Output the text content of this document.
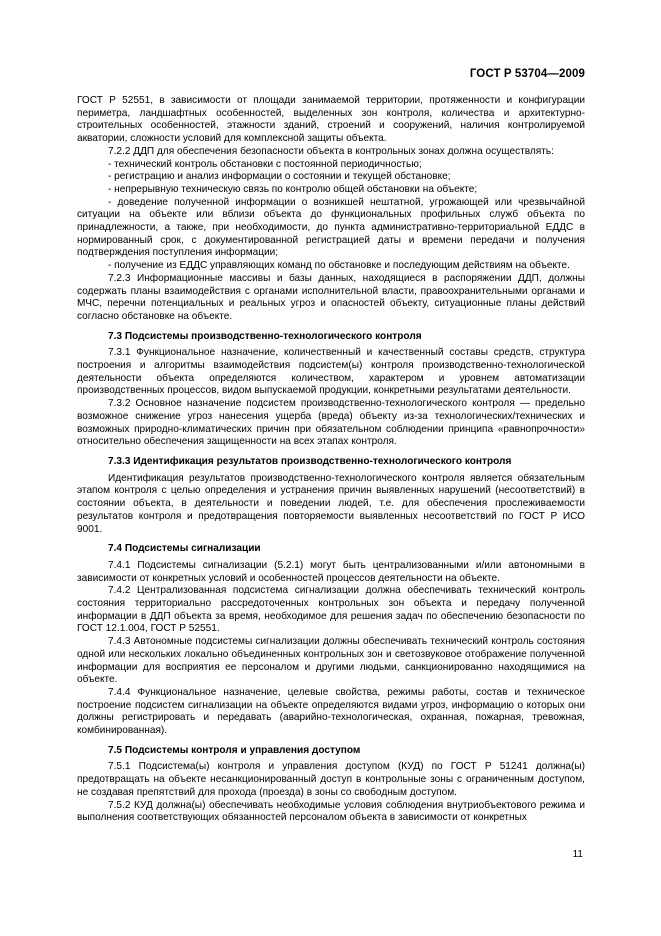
ГОСТ Р 53704—2009

ГОСТ Р 52551, в зависимости от площади занимаемой территории, протяженности и конфигурации периметра, ландшафтных особенностей, выделенных зон контроля, количества и архитектурно-строительных особенностей, этажности зданий, строений и сооружений, наличия контролируемой акватории, сложности условий для комплексной защиты объекта.

7.2.2 ДДП для обеспечения безопасности объекта в контрольных зонах должна осуществлять:

- технический контроль обстановки с постоянной периодичностью;

- регистрацию и анализ информации о состоянии и текущей обстановке;

- непрерывную техническую связь по контролю общей обстановки на объекте;

- доведение полученной информации о возникшей нештатной, угрожающей или чрезвычайной ситуации на объекте или вблизи объекта до функциональных профильных служб объекта по принадлежности, а также, при необходимости, до пункта административно-территориальной ЕДДС в нормированный срок, с документированной регистрацией даты и времени передачи и получения подтверждения поступления информации;

- получение из ЕДДС управляющих команд по обстановке и последующим действиям на объекте.

7.2.3 Информационные массивы и базы данных, находящиеся в распоряжении ДДП, должны содержать планы взаимодействия с органами исполнительной власти, правоохранительными органами и МЧС, перечни потенциальных и реальных угроз и опасностей объекту, ситуационные планы действий согласно обстановке на объекте.

7.3 Подсистемы производственно-технологического контроля

7.3.1 Функциональное назначение, количественный и качественный составы средств, структура построения и алгоритмы взаимодействия подсистем(ы) контроля производственно-технологической деятельности объекта определяются количеством, характером и уровнем автоматизации производственных процессов, видом выпускаемой продукции, конкретными результатами деятельности.

7.3.2 Основное назначение подсистем производственно-технологического контроля — предельно возможное снижение угроз нанесения ущерба (вреда) объекту из-за технологических/технических и возможных природно-климатических причин при обязательном соблюдении принципа «равнопрочности» относительно обеспечения защищенности на всех этапах контроля.

7.3.3 Идентификация результатов производственно-технологического контроля

Идентификация результатов производственно-технологического контроля является обязательным этапом контроля с целью определения и устранения причин выявленных нарушений (несоответствий) в состоянии объекта, в деятельности и поведении людей, т.е. для обеспечения прослеживаемости результатов контроля и предотвращения повторяемости выявленных несоответствий по ГОСТ Р ИСО 9001.

7.4 Подсистемы сигнализации

7.4.1 Подсистемы сигнализации (5.2.1) могут быть централизованными и/или автономными в зависимости от конкретных условий и особенностей процессов деятельности на объекте.

7.4.2 Централизованная подсистема сигнализации должна обеспечивать технический контроль состояния территориально рассредоточенных контрольных зон объекта и передачу полученной информации в ДДП объекта за время, необходимое для решения задач по обеспечению безопасности по ГОСТ 12.1.004, ГОСТ Р 52551.

7.4.3 Автономные подсистемы сигнализации должны обеспечивать технический контроль состояния одной или нескольких локально объединенных контрольных зон и светозвуковое отображение полученной информации для восприятия ее персоналом и другими людьми, санкционированно находящимися на объекте.

7.4.4 Функциональное назначение, целевые свойства, режимы работы, состав и техническое построение подсистем сигнализации на объекте определяются видами угроз, информацию о которых они должны регистрировать и передавать (аварийно-технологическая, охранная, пожарная, тревожная, комбинированная).

7.5 Подсистемы контроля и управления доступом

7.5.1 Подсистема(ы) контроля и управления доступом (КУД) по ГОСТ Р 51241 должна(ы) предотвращать на объекте несанкционированный доступ в контрольные зоны с ограниченным доступом, не создавая препятствий для прохода (проезда) в зоны со свободным доступом.

7.5.2 КУД должна(ы) обеспечивать необходимые условия соблюдения внутриобъектового режима и выполнения соответствующих обязанностей персоналом объекта в зависимости от конкретных

11
